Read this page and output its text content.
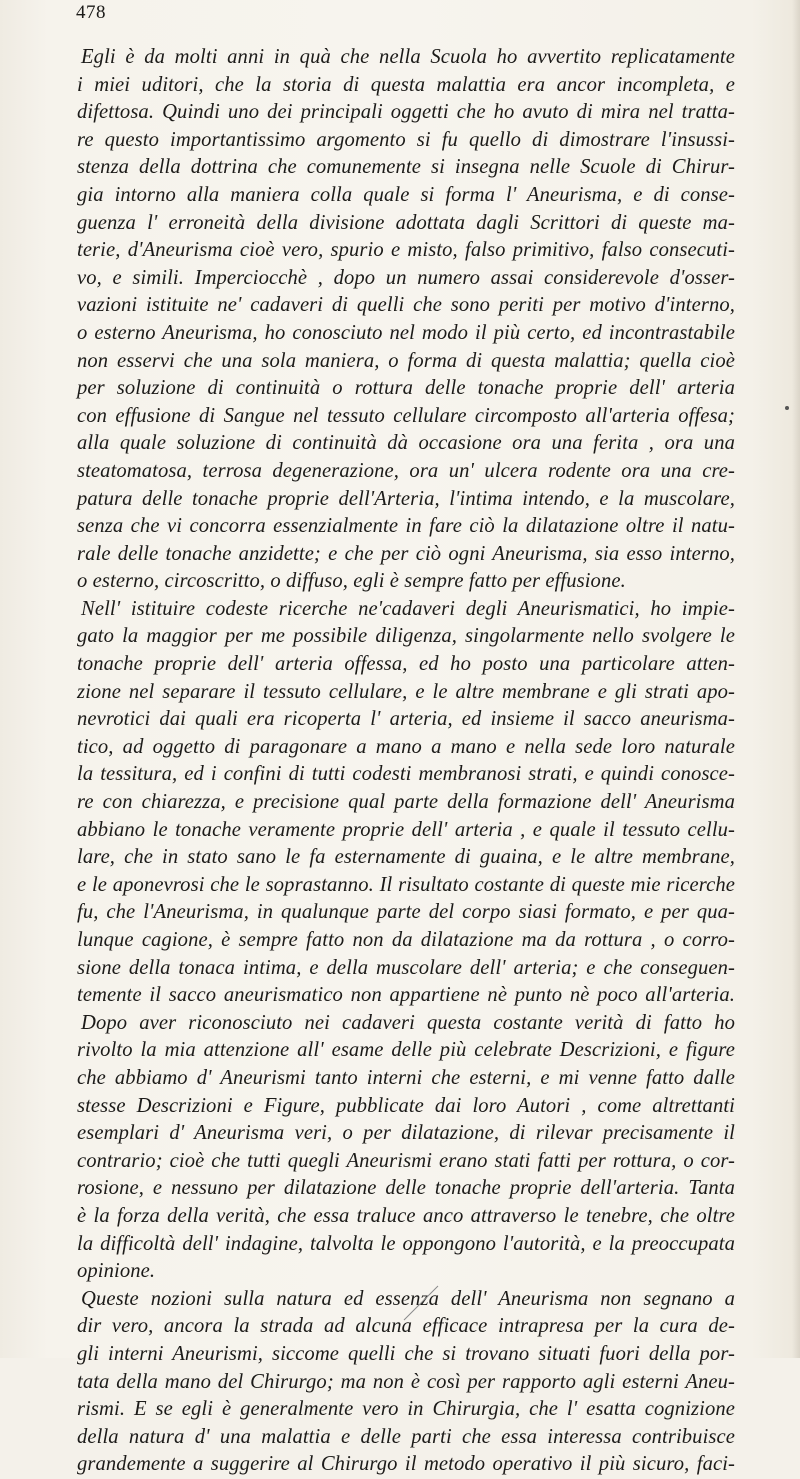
478
Egli è da molti anni in quà che nella Scuola ho avvertito replicatamente
i miei uditori, che la storia di questa malattia era ancor incompleta, e
difettosa. Quindi uno dei principali oggetti che ho avuto di mira nel tratta-
re questo importantissimo argomento si fu quello di dimostrare l'insussi-
stenza della dottrina che comunemente si insegna nelle Scuole di Chirur-
gia intorno alla maniera colla quale si forma l' Aneurisma, e di conse-
guenza l' erroneità della divisione adottata dagli Scrittori di queste ma-
terie, d'Aneurisma cioè vero, spurio e misto, falso primitivo, falso consecuti-
vo, e simili. Imperciocchè , dopo un numero assai considerevole d'osser-
vazioni istituite ne' cadaveri di quelli che sono periti per motivo d'interno,
o esterno Aneurisma, ho conosciuto nel modo il più certo, ed incontrastabile
non esservi che una sola maniera, o forma di questa malattia; quella cioè
per soluzione di continuità o rottura delle tonache proprie dell' arteria
con effusione di Sangue nel tessuto cellulare circomposto all'arteria offesa;
alla quale soluzione di continuità dà occasione ora una ferita , ora una
steatomatosa, terrosa degenerazione, ora un' ulcera rodente ora una cre-
patura delle tonache proprie dell'Arteria, l'intima intendo, e la muscolare,
senza che vi concorra essenzialmente in fare ciò la dilatazione oltre il natu-
rale delle tonache anzidette; e che per ciò ogni Aneurisma, sia esso interno,
o esterno, circoscritto, o diffuso, egli è sempre fatto per effusione.
Nell' istituire codeste ricerche ne'cadaveri degli Aneurismatici, ho impie-
gato la maggior per me possibile diligenza, singolarmente nello svolgere le
tonache proprie dell' arteria offessa, ed ho posto una particolare atten-
zione nel separare il tessuto cellulare, e le altre membrane e gli strati apo-
nevrotici dai quali era ricoperta l' arteria, ed insieme il sacco aneurisma-
tico, ad oggetto di paragonare a mano a mano e nella sede loro naturale
la tessitura, ed i confini di tutti codesti membranosi strati, e quindi conosce-
re con chiarezza, e precisione qual parte della formazione dell' Aneurisma
abbiano le tonache veramente proprie dell' arteria , e quale il tessuto cellu-
lare, che in stato sano le fa esternamente di guaina, e le altre membrane,
e le aponevrosi che le soprastanno. Il risultato costante di queste mie ricerche
fu, che l'Aneurisma, in qualunque parte del corpo siasi formato, e per qua-
lunque cagione, è sempre fatto non da dilatazione ma da rottura , o corro-
sione della tonaca intima, e della muscolare dell' arteria; e che conseguen-
temente il sacco aneurismatico non appartiene nè punto nè poco all'arteria.
Dopo aver riconosciuto nei cadaveri questa costante verità di fatto ho
rivolto la mia attenzione all' esame delle più celebrate Descrizioni, e figure
che abbiamo d' Aneurismi tanto interni che esterni, e mi venne fatto dalle
stesse Descrizioni e Figure, pubblicate dai loro Autori , come altrettanti
esemplari d' Aneurisma veri, o per dilatazione, di rilevar precisamente il
contrario; cioè che tutti quegli Aneurismi erano stati fatti per rottura, o cor-
rosione, e nessuno per dilatazione delle tonache proprie dell'arteria. Tanta
è la forza della verità, che essa traluce anco attraverso le tenebre, che oltre
la difficoltà dell' indagine, talvolta le oppongono l'autorità, e la preoccupata
opinione.
Queste nozioni sulla natura ed essenza dell' Aneurisma non segnano a
dir vero, ancora la strada ad alcuna efficace intrapresa per la cura de-
gli interni Aneurismi, siccome quelli che si trovano situati fuori della por-
tata della mano del Chirurgo; ma non è così per rapporto agli esterni Aneu-
rismi. E se egli è generalmente vero in Chirurgia, che l' esatta cognizione
della natura d' una malattia e delle parti che essa interessa contribuisce
grandemente a suggerire al Chirurgo il metodo operativo il più sicuro, faci-
